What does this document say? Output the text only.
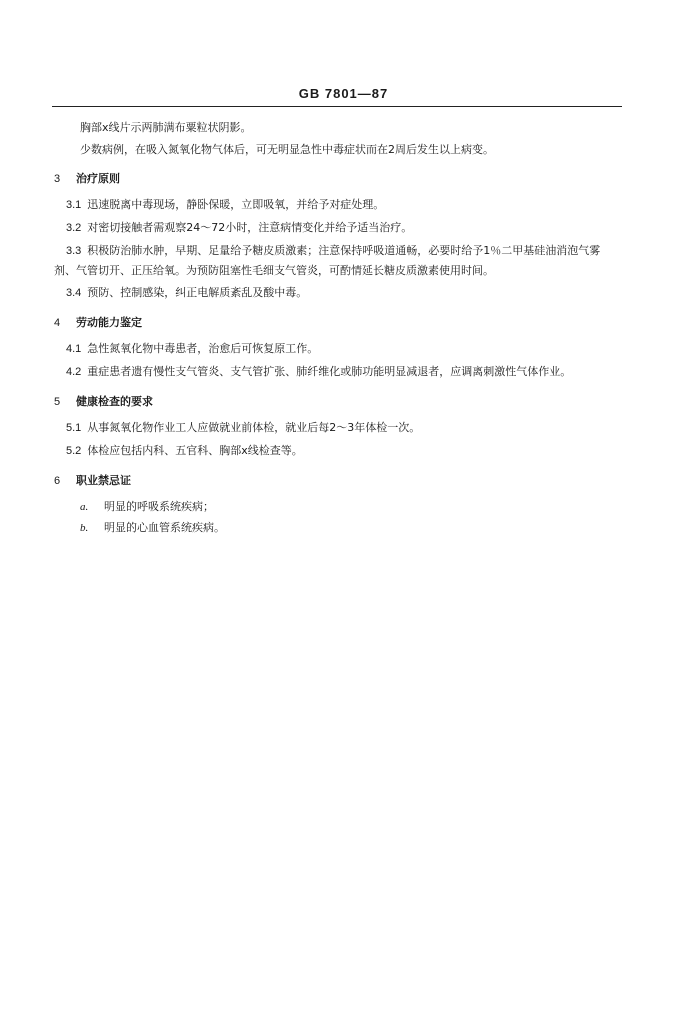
GB 7801—87

胸部x线片示两肺满布粟粒状阴影。

少数病例，在吸入氮氧化物气体后，可无明显急性中毒症状而在2周后发生以上病变。

3 治疗原则

3.1 迅速脱离中毒现场，静卧保暖，立即吸氧，并给予对症处理。

3.2 对密切接触者需观察24～72小时，注意病情变化并给予适当治疗。

3.3 积极防治肺水肿，早期、足量给予糖皮质激素；注意保持呼吸道通畅，必要时给予1％二甲基硅油消泡气雾剂、气管切开、正压给氧。为预防阻塞性毛细支气管炎，可酌情延长糖皮质激素使用时间。

3.4 预防、控制感染，纠正电解质紊乱及酸中毒。

4 劳动能力鉴定

4.1 急性氮氧化物中毒患者，治愈后可恢复原工作。

4.2 重症患者遗有慢性支气管炎、支气管扩张、肺纤维化或肺功能明显减退者，应调离刺激性气体作业。

5 健康检查的要求

5.1 从事氮氧化物作业工人应做就业前体检，就业后每2～3年体检一次。

5.2 体检应包括内科、五官科、胸部x线检查等。

6 职业禁忌证

a. 明显的呼吸系统疾病；

b. 明显的心血管系统疾病。
